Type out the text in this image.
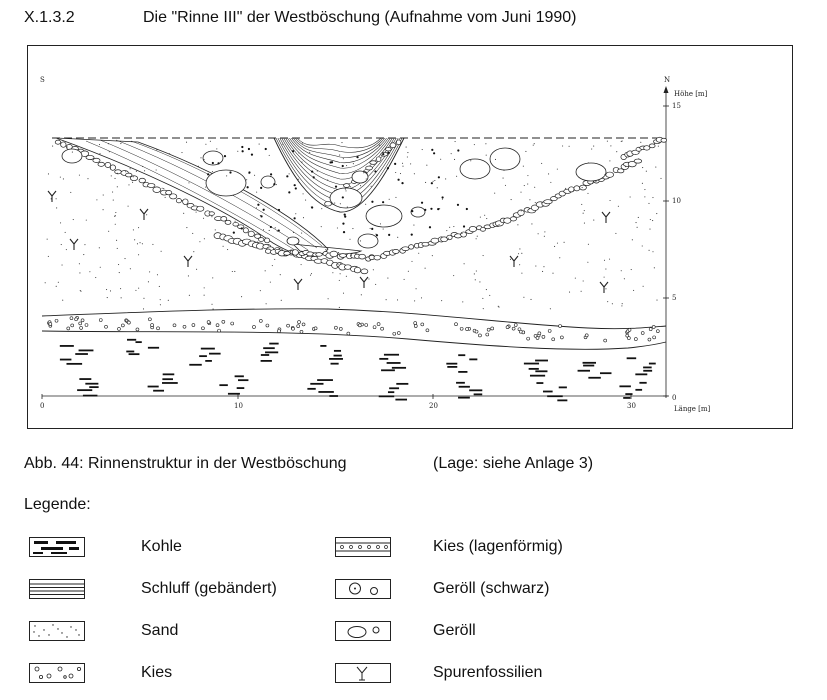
X.1.3.2	Die "Rinne III" der Westböschung (Aufnahme vom Juni 1990)
S	N
Höhe [m]
Länge [m]
15
10
5
0
0	10	20	30
Abb. 44: Rinnenstruktur in der Westböschung	(Lage: siehe Anlage 3)
Legende:
Kohle
Schluff (gebändert)
Sand
Kies
Kies (lagenförmig)
Geröll (schwarz)
Geröll
Spurenfossilien
